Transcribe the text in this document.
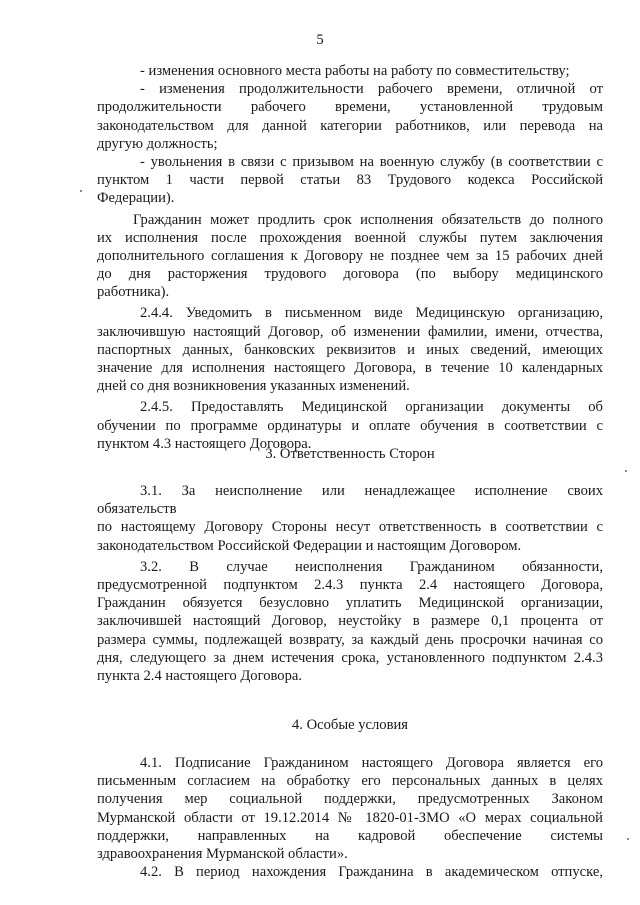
5
- изменения основного места работы на работу по совместительству;
- изменения продолжительности рабочего времени, отличной от
продолжительности рабочего времени, установленной трудовым
законодательством для данной категории работников, или перевода на
другую должность;
- увольнения в связи с призывом на военную службу (в соответствии с
пунктом 1 части первой статьи 83 Трудового кодекса Российской
Федерации).
Гражданин может продлить срок исполнения обязательств до полного
их исполнения после прохождения военной службы путем заключения
дополнительного соглашения к Договору не позднее чем за 15 рабочих дней
до дня расторжения трудового договора (по выбору медицинского
работника).
2.4.4. Уведомить в письменном виде Медицинскую организацию,
заключившую настоящий Договор, об изменении фамилии, имени, отчества,
паспортных данных, банковских реквизитов и иных сведений, имеющих
значение для исполнения настоящего Договора, в течение 10 календарных
дней со дня возникновения указанных изменений.
2.4.5. Предоставлять Медицинской организации документы об
обучении по программе ординатуры и оплате обучения в соответствии с
пунктом 4.3 настоящего Договора.
3. Ответственность Сторон
3.1. За неисполнение или ненадлежащее исполнение своих
обязательств
по настоящему Договору Стороны несут ответственность в соответствии с
законодательством Российской Федерации и настоящим Договором.
3.2. В случае неисполнения Гражданином обязанности,
предусмотренной подпунктом 2.4.3 пункта 2.4 настоящего Договора,
Гражданин обязуется безусловно уплатить Медицинской организации,
заключившей настоящий Договор, неустойку в размере 0,1 процента от
размера суммы, подлежащей возврату, за каждый день просрочки начиная со
дня, следующего за днем истечения срока, установленного подпунктом 2.4.3
пункта 2.4 настоящего Договора.
4. Особые условия
4.1. Подписание Гражданином настоящего Договора является его
письменным согласием на обработку его персональных данных в целях
получения мер социальной поддержки, предусмотренных Законом
Мурманской области от 19.12.2014 № 1820-01-ЗМО «О мерах социальной
поддержки, направленных на кадровой обеспечение системы
здравоохранения Мурманской области».
4.2. В период нахождения Гражданина в академическом отпуске,
